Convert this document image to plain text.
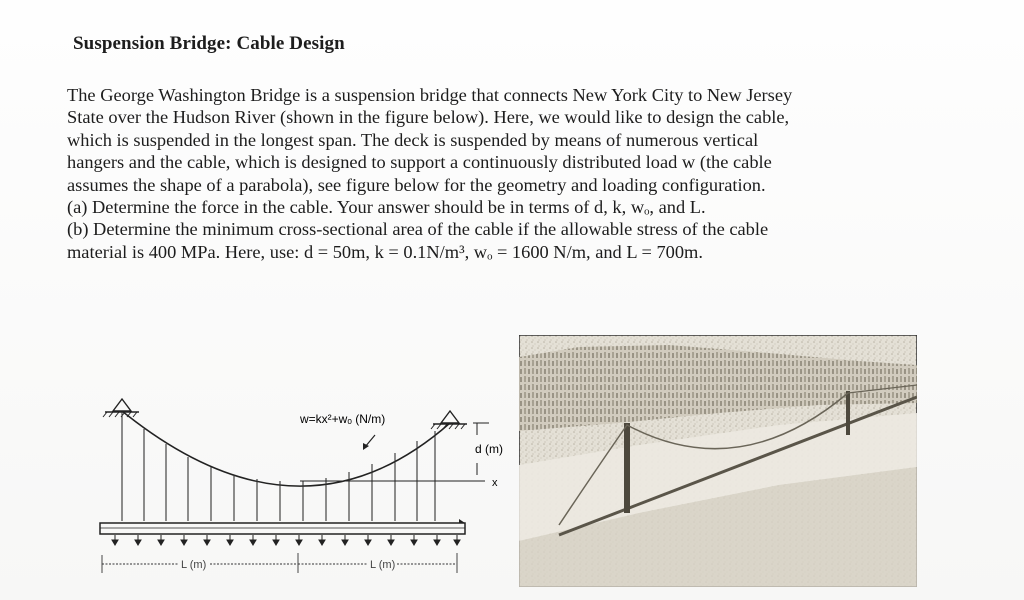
Suspension Bridge: Cable Design
The George Washington Bridge is a suspension bridge that connects New York City to New Jersey
State over the Hudson River (shown in the figure below). Here, we would like to design the cable,
which is suspended in the longest span. The deck is suspended by means of numerous vertical
hangers and the cable, which is designed to support a continuously distributed load w (the cable
assumes the shape of a parabola), see figure below for the geometry and loading configuration.
(a) Determine the force in the cable. Your answer should be in terms of d, k, wₒ, and L.
(b) Determine the minimum cross-sectional area of the cable if the allowable stress of the cable
material is 400 MPa. Here, use: d = 50m, k = 0.1N/m³, wₒ = 1600 N/m, and L = 700m.
x
d (m)
w=kx²+wₒ (N/m)
L (m)	L (m)
